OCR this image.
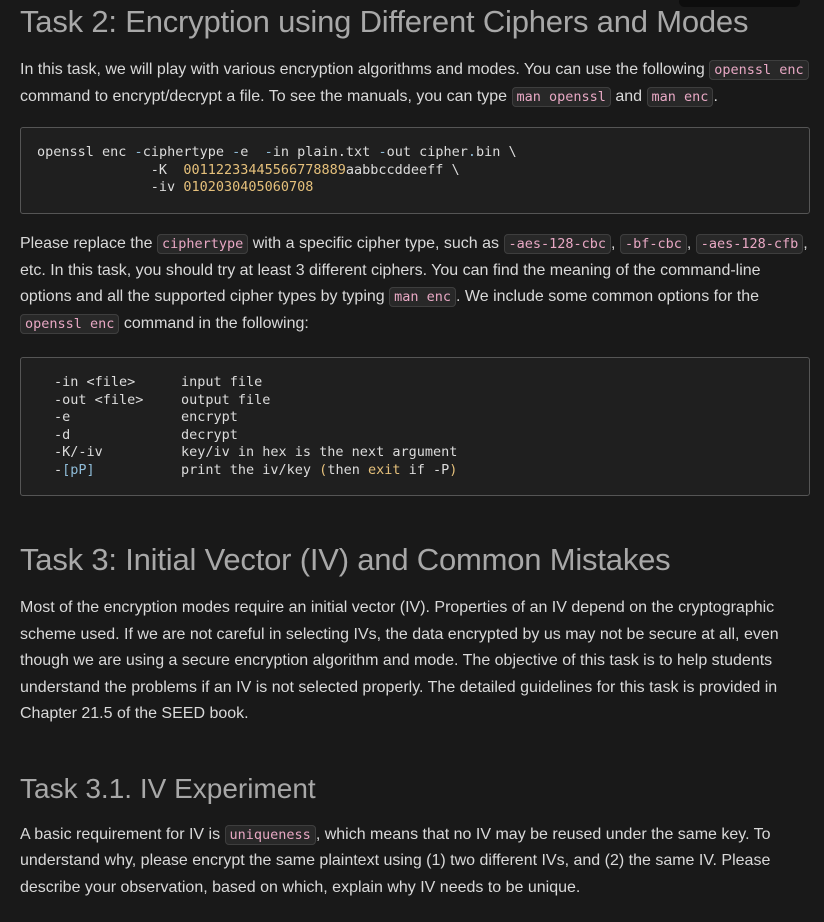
Task 2: Encryption using Different Ciphers and Modes

In this task, we will play with various encryption algorithms and modes. You can use the following openssl enc command to encrypt/decrypt a file. To see the manuals, you can type man openssl and man enc .

openssl enc -ciphertype -e  -in plain.txt -out cipher.bin \
-K  00112233445566778889aabbccddeeff \
-iv 0102030405060708

Please replace the ciphertype with a specific cipher type, such as -aes-128-cbc , -bf-cbc , -aes-128-cfb , etc. In this task, you should try at least 3 different ciphers. You can find the meaning of the command-line options and all the supported cipher types by typing man enc . We include some common options for the openssl enc command in the following:

-in <file>	input file
-out <file>	output file
-e	encrypt
-d	decrypt
-K/-iv	key/iv in hex is the next argument
-[pP]	print the iv/key (then exit if -P)
Task 3: Initial Vector (IV) and Common Mistakes

Most of the encryption modes require an initial vector (IV). Properties of an IV depend on the cryptographic scheme used. If we are not careful in selecting IVs, the data encrypted by us may not be secure at all, even though we are using a secure encryption algorithm and mode. The objective of this task is to help students understand the problems if an IV is not selected properly. The detailed guidelines for this task is provided in Chapter 21.5 of the SEED book.

Task 3.1. IV Experiment

A basic requirement for IV is uniqueness , which means that no IV may be reused under the same key. To understand why, please encrypt the same plaintext using (1) two different IVs, and (2) the same IV. Please describe your observation, based on which, explain why IV needs to be unique.
